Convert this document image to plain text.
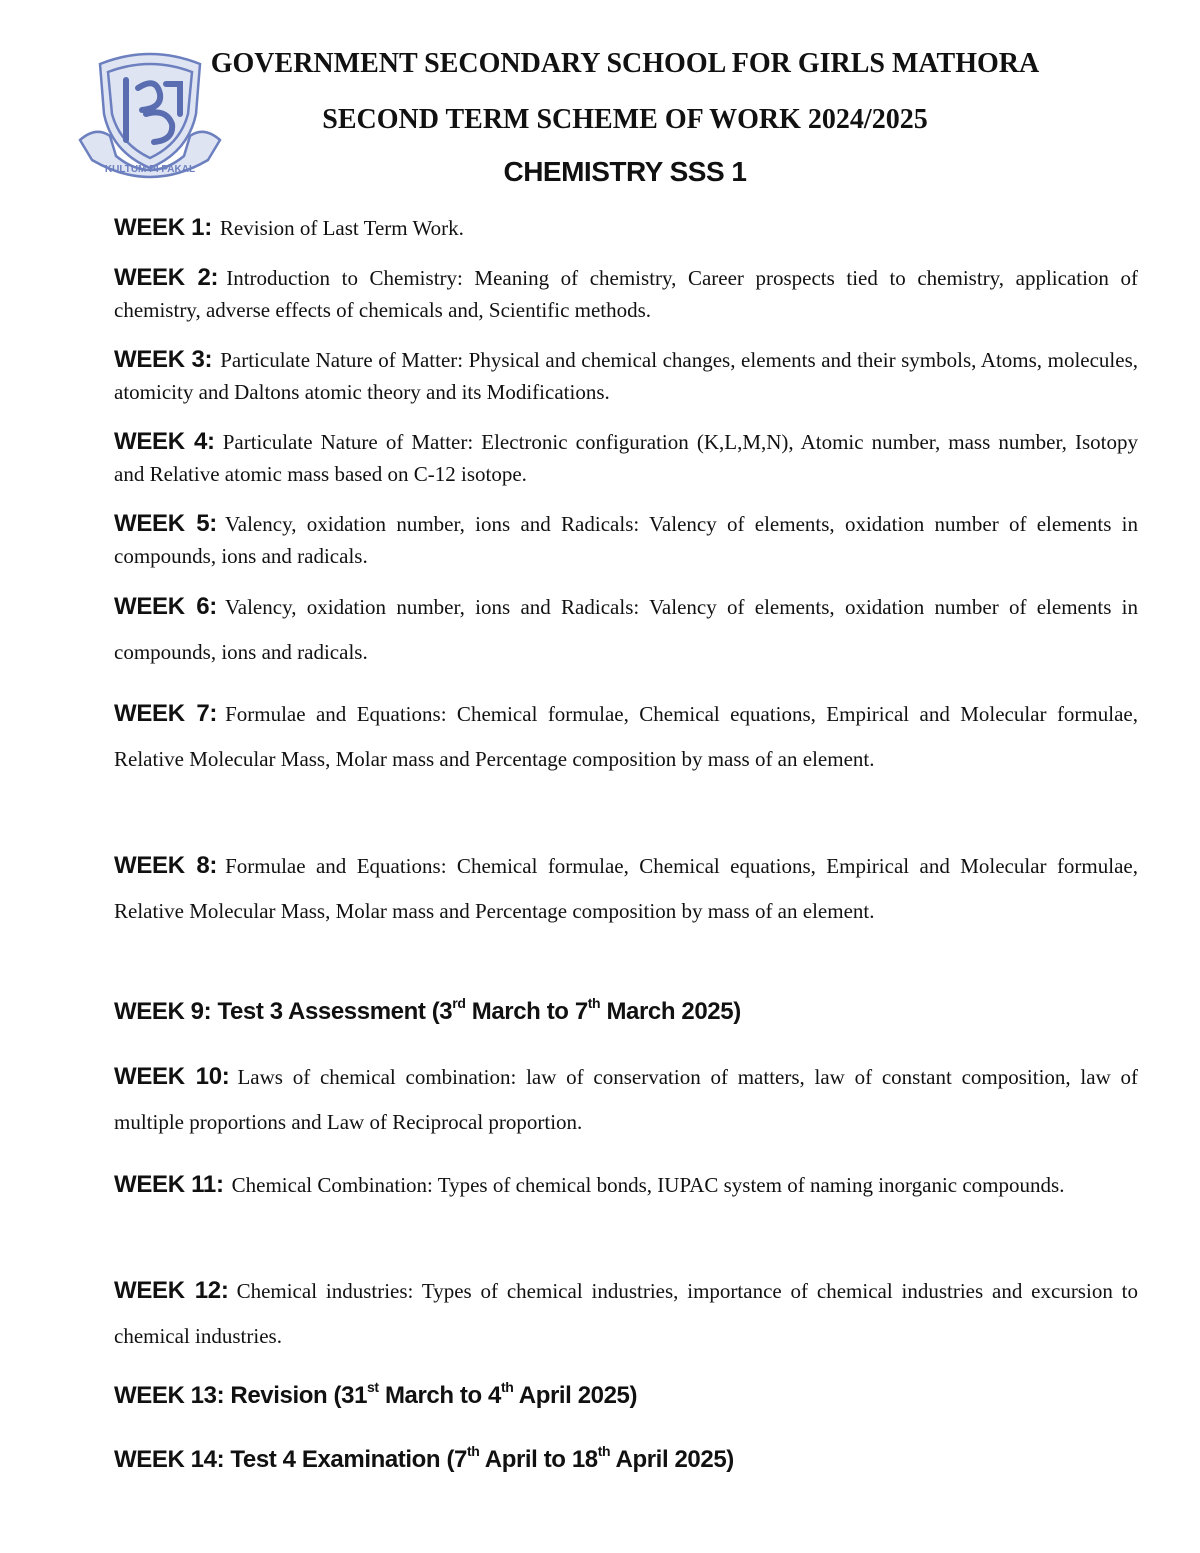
KULTUM PI PAKAL
GOVERNMENT SECONDARY SCHOOL FOR GIRLS MATHORA
SECOND TERM SCHEME OF WORK 2024/2025
CHEMISTRY SSS 1

WEEK 1: Revision of Last Term Work.

WEEK 2: Introduction to Chemistry: Meaning of chemistry, Career prospects tied to chemistry, application of chemistry, adverse effects of chemicals and, Scientific methods.

WEEK 3: Particulate Nature of Matter: Physical and chemical changes, elements and their symbols, Atoms, molecules, atomicity and Daltons atomic theory and its Modifications.

WEEK 4: Particulate Nature of Matter: Electronic configuration (K,L,M,N), Atomic number, mass number, Isotopy and Relative atomic mass based on C-12 isotope.

WEEK 5: Valency, oxidation number, ions and Radicals: Valency of elements, oxidation number of elements in compounds, ions and radicals.

WEEK 6: Valency, oxidation number, ions and Radicals: Valency of elements, oxidation number of elements in compounds, ions and radicals.

WEEK 7: Formulae and Equations: Chemical formulae, Chemical equations, Empirical and Molecular formulae, Relative Molecular Mass, Molar mass and Percentage composition by mass of an element.

WEEK 8: Formulae and Equations: Chemical formulae, Chemical equations, Empirical and Molecular formulae, Relative Molecular Mass, Molar mass and Percentage composition by mass of an element.

WEEK 9: Test 3 Assessment (3rd March to 7th March 2025)

WEEK 10: Laws of chemical combination: law of conservation of matters, law of constant composition, law of multiple proportions and Law of Reciprocal proportion.

WEEK 11: Chemical Combination: Types of chemical bonds, IUPAC system of naming inorganic compounds.

WEEK 12: Chemical industries: Types of chemical industries, importance of chemical industries and excursion to chemical industries.

WEEK 13: Revision (31st March to 4th April 2025)

WEEK 14: Test 4 Examination (7th April to 18th April 2025)
